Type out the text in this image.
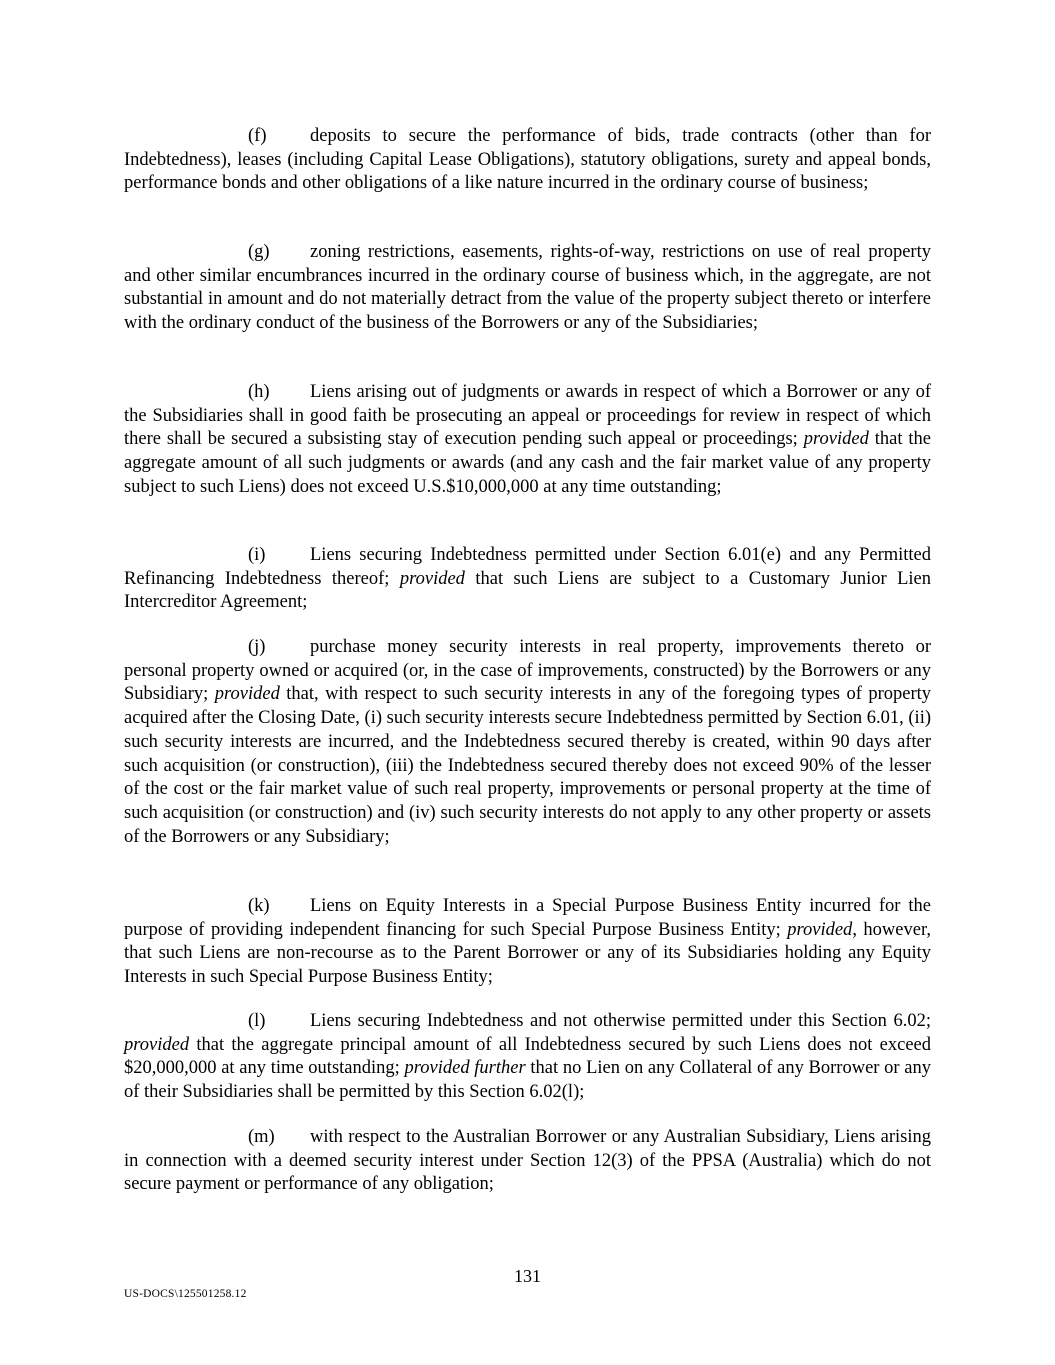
(f) deposits to secure the performance of bids, trade contracts (other than for Indebtedness), leases (including Capital Lease Obligations), statutory obligations, surety and appeal bonds, performance bonds and other obligations of a like nature incurred in the ordinary course of business;

(g) zoning restrictions, easements, rights-of-way, restrictions on use of real property and other similar encumbrances incurred in the ordinary course of business which, in the aggregate, are not substantial in amount and do not materially detract from the value of the property subject thereto or interfere with the ordinary conduct of the business of the Borrowers or any of the Subsidiaries;

(h) Liens arising out of judgments or awards in respect of which a Borrower or any of the Subsidiaries shall in good faith be prosecuting an appeal or proceedings for review in respect of which there shall be secured a subsisting stay of execution pending such appeal or proceedings; provided that the aggregate amount of all such judgments or awards (and any cash and the fair market value of any property subject to such Liens) does not exceed U.S.$10,000,000 at any time outstanding;

(i) Liens securing Indebtedness permitted under Section 6.01(e) and any Permitted Refinancing Indebtedness thereof; provided that such Liens are subject to a Customary Junior Lien Intercreditor Agreement;

(j) purchase money security interests in real property, improvements thereto or personal property owned or acquired (or, in the case of improvements, constructed) by the Borrowers or any Subsidiary; provided that, with respect to such security interests in any of the foregoing types of property acquired after the Closing Date, (i) such security interests secure Indebtedness permitted by Section 6.01, (ii) such security interests are incurred, and the Indebtedness secured thereby is created, within 90 days after such acquisition (or construction), (iii) the Indebtedness secured thereby does not exceed 90% of the lesser of the cost or the fair market value of such real property, improvements or personal property at the time of such acquisition (or construction) and (iv) such security interests do not apply to any other property or assets of the Borrowers or any Subsidiary;

(k) Liens on Equity Interests in a Special Purpose Business Entity incurred for the purpose of providing independent financing for such Special Purpose Business Entity; provided, however, that such Liens are non-recourse as to the Parent Borrower or any of its Subsidiaries holding any Equity Interests in such Special Purpose Business Entity;

(l) Liens securing Indebtedness and not otherwise permitted under this Section 6.02; provided that the aggregate principal amount of all Indebtedness secured by such Liens does not exceed $20,000,000 at any time outstanding; provided further that no Lien on any Collateral of any Borrower or any of their Subsidiaries shall be permitted by this Section 6.02(l);

(m) with respect to the Australian Borrower or any Australian Subsidiary, Liens arising in connection with a deemed security interest under Section 12(3) of the PPSA (Australia) which do not secure payment or performance of any obligation;

131
US-DOCS\125501258.12
